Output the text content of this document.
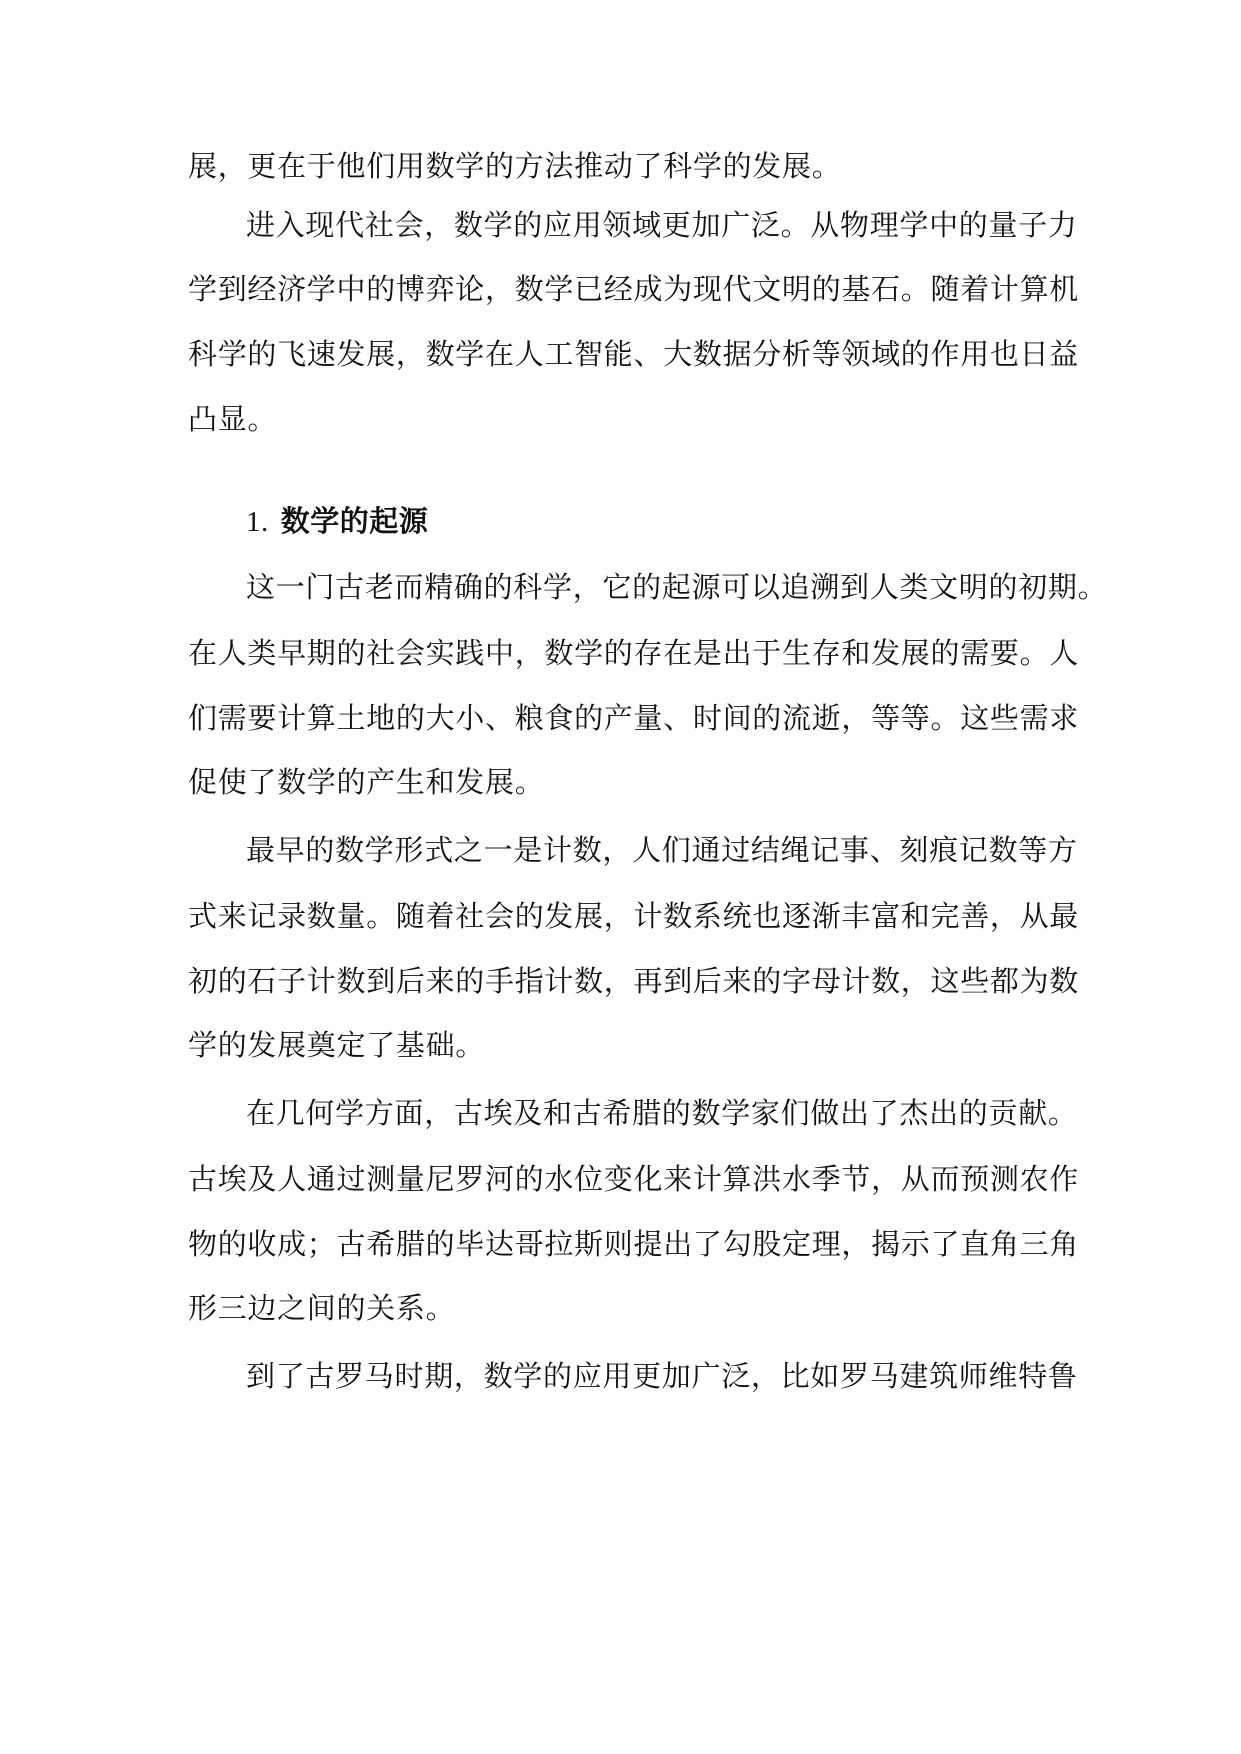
展，更在于他们用数学的方法推动了科学的发展。
进入现代社会，数学的应用领域更加广泛。从物理学中的量子力
学到经济学中的博弈论，数学已经成为现代文明的基石。随着计算机
科学的飞速发展，数学在人工智能、大数据分析等领域的作用也日益
凸显。
1. 数学的起源
这一门古老而精确的科学，它的起源可以追溯到人类文明的初期。
在人类早期的社会实践中，数学的存在是出于生存和发展的需要。人
们需要计算土地的大小、粮食的产量、时间的流逝，等等。这些需求
促使了数学的产生和发展。
最早的数学形式之一是计数，人们通过结绳记事、刻痕记数等方
式来记录数量。随着社会的发展，计数系统也逐渐丰富和完善，从最
初的石子计数到后来的手指计数，再到后来的字母计数，这些都为数
学的发展奠定了基础。
在几何学方面，古埃及和古希腊的数学家们做出了杰出的贡献。
古埃及人通过测量尼罗河的水位变化来计算洪水季节，从而预测农作
物的收成；古希腊的毕达哥拉斯则提出了勾股定理，揭示了直角三角
形三边之间的关系。
到了古罗马时期，数学的应用更加广泛，比如罗马建筑师维特鲁
